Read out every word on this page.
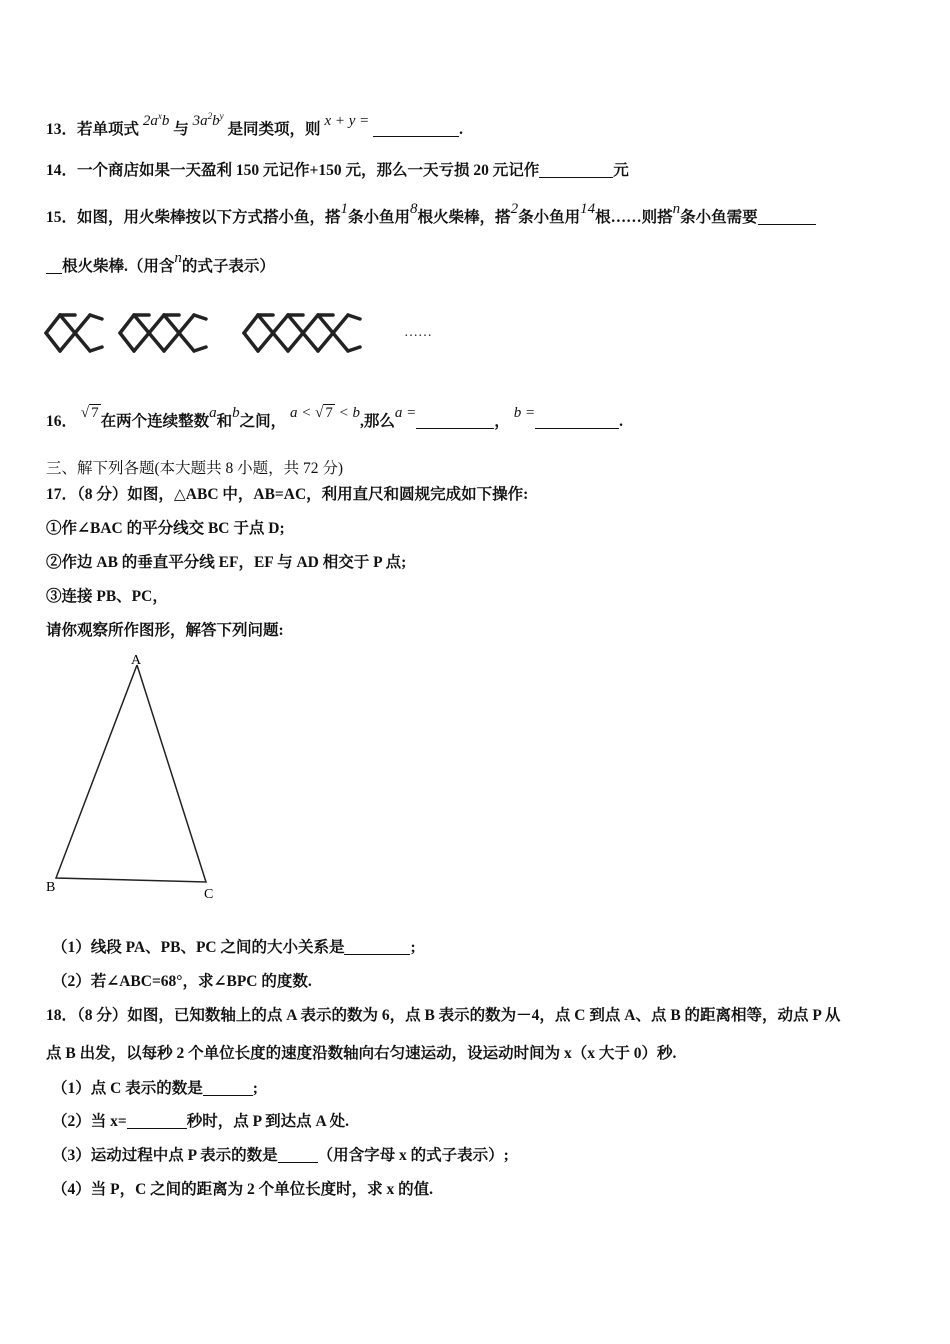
13．若单项式 $2a^xb$ 与 $3a^2b^y$ 是同类项，则 x + y =	.
14．一个商店如果一天盈利 150 元记作+150 元，那么一天亏损 20 元记作	元
15．如图，用火柴棒按以下方式搭小鱼，搭1条小鱼用8根火柴棒，搭2条小鱼用14根……则搭n条小鱼需要
根火柴棒.（用含n的式子表示）
……
16． √ 7 在两个连续整数a和b之间， a < √ 7 < b,那么a =	， b =	.
三、解下列各题(本大题共 8 小题，共 72 分)
17．（8 分）如图，△ABC 中，AB=AC，利用直尺和圆规完成如下操作:
①作∠BAC 的平分线交 BC 于点 D;
②作边 AB 的垂直平分线 EF，EF 与 AD 相交于 P 点;
③连接 PB、PC，
请你观察所作图形，解答下列问题:
A
B	C
（1）线段 PA、PB、PC 之间的大小关系是	;
（2）若∠ABC=68°，求∠BPC 的度数.
18．（8 分）如图，已知数轴上的点 A 表示的数为 6，点 B 表示的数为－4，点 C 到点 A、点 B 的距离相等，动点 P 从
点 B 出发，以每秒 2 个单位长度的速度沿数轴向右匀速运动，设运动时间为 x（x 大于 0）秒.
（1）点 C 表示的数是	;
（2）当 x=	秒时，点 P 到达点 A 处.
（3）运动过程中点 P 表示的数是	（用含字母 x 的式子表示）;
（4）当 P，C 之间的距离为 2 个单位长度时，求 x 的值.
